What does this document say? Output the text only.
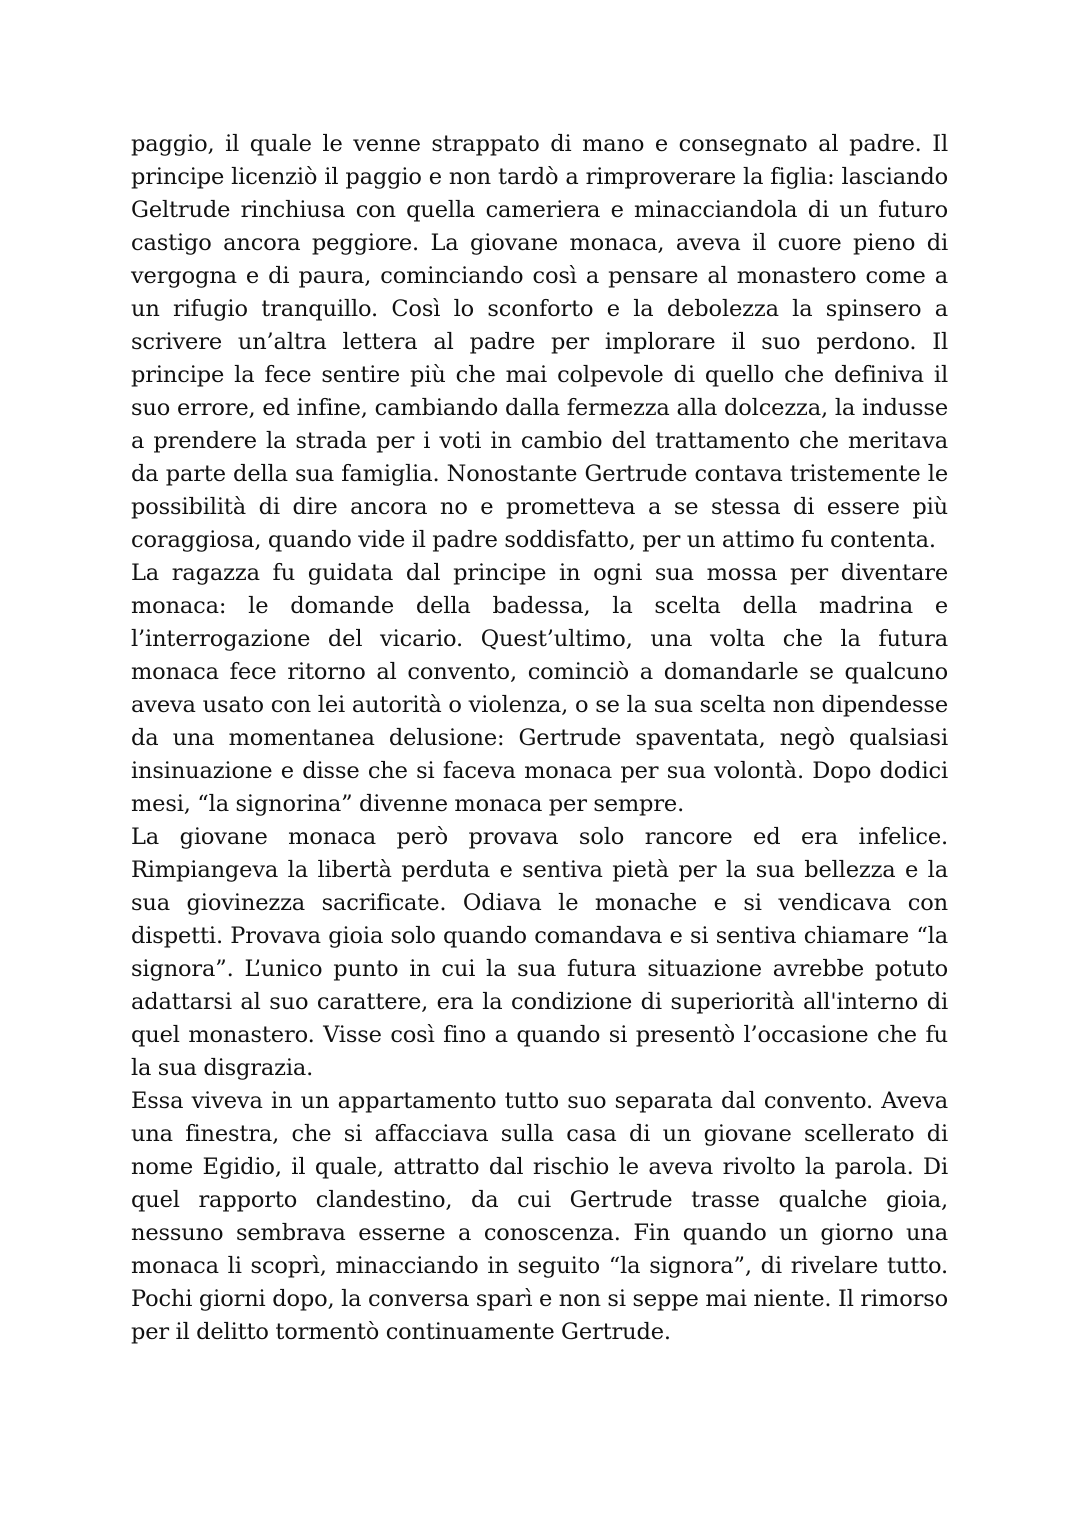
paggio, il quale le venne strappato di mano e consegnato al padre. Il principe licenziò il paggio e non tardò a rimproverare la figlia: lasciando Geltrude rinchiusa con quella cameriera e minacciandola di un futuro castigo ancora peggiore. La giovane monaca, aveva il cuore pieno di vergogna e di paura, cominciando così a pensare al monastero come a un rifugio tranquillo. Così lo sconforto e la debolezza la spinsero a scrivere un’altra lettera al padre per implorare il suo perdono. Il principe la fece sentire più che mai colpevole di quello che definiva il suo errore, ed infine, cambiando dalla fermezza alla dolcezza, la indusse a prendere la strada per i voti in cambio del trattamento che meritava da parte della sua famiglia. Nonostante Gertrude contava tristemente le possibilità di dire ancora no e prometteva a se stessa di essere più coraggiosa, quando vide il padre soddisfatto, per un attimo fu contenta.

La ragazza fu guidata dal principe in ogni sua mossa per diventare monaca: le domande della badessa, la scelta della madrina e l’interrogazione del vicario. Quest’ultimo, una volta che la futura monaca fece ritorno al convento, cominciò a domandarle se qualcuno aveva usato con lei autorità o violenza, o se la sua scelta non dipendesse da una momentanea delusione: Gertrude spaventata, negò qualsiasi insinuazione e disse che si faceva monaca per sua volontà. Dopo dodici mesi, “la signorina” divenne monaca per sempre.

La giovane monaca però provava solo rancore ed era infelice. Rimpiangeva la libertà perduta e sentiva pietà per la sua bellezza e la sua giovinezza sacrificate. Odiava le monache e si vendicava con dispetti. Provava gioia solo quando comandava e si sentiva chiamare “la signora”. L’unico punto in cui la sua futura situazione avrebbe potuto adattarsi al suo carattere, era la condizione di superiorità all'interno di quel monastero. Visse così fino a quando si presentò l’occasione che fu la sua disgrazia.

Essa viveva in un appartamento tutto suo separata dal convento. Aveva una finestra, che si affacciava sulla casa di un giovane scellerato di nome Egidio, il quale, attratto dal rischio le aveva rivolto la parola. Di quel rapporto clandestino, da cui Gertrude trasse qualche gioia, nessuno sembrava esserne a conoscenza. Fin quando un giorno una monaca li scoprì, minacciando in seguito “la signora”, di rivelare tutto. Pochi giorni dopo, la conversa sparì e non si seppe mai niente. Il rimorso per il delitto tormentò continuamente Gertrude.
